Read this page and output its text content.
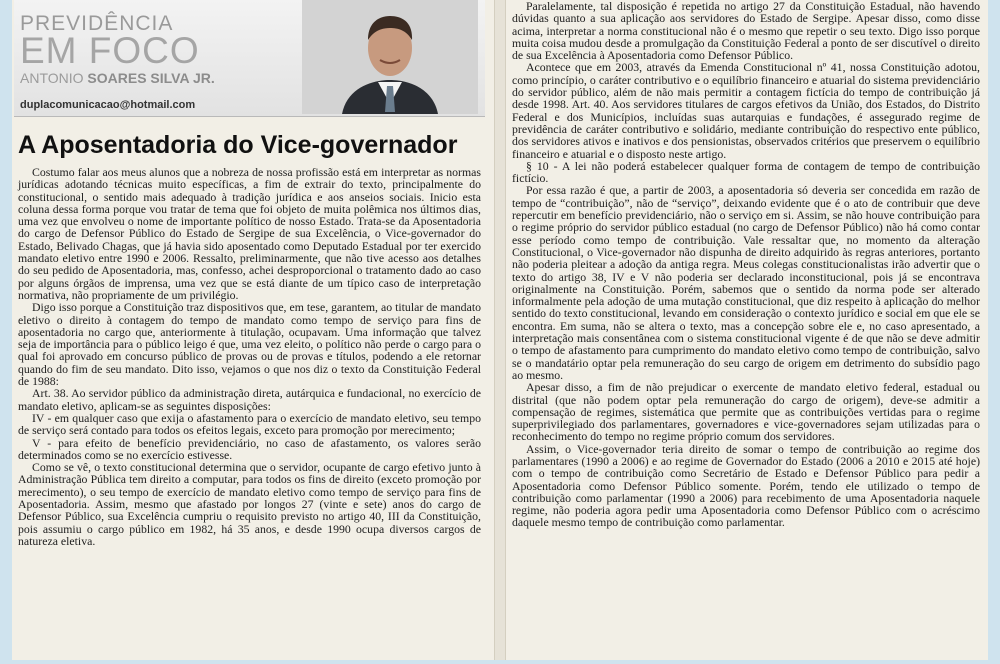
PREVIDÊNCIA
EM FOCO
ANTONIO SOARES SILVA JR.
duplacomunicacao@hotmail.com
A Aposentadoria do Vice-governador

Costumo falar aos meus alunos que a nobreza de nossa profissão está em interpretar as normas jurídicas adotando técnicas muito específicas, a fim de extrair do texto, principalmente do constitucional, o sentido mais adequado à tradição jurídica e aos anseios sociais. Inicio esta coluna dessa forma porque vou tratar de tema que foi objeto de muita polêmica nos últimos dias, uma vez que envolveu o nome de importante político de nosso Estado. Trata-se da Aposentadoria do cargo de Defensor Público do Estado de Sergipe de sua Excelência, o Vice-governador do Estado, Belivado Chagas, que já havia sido aposentado como Deputado Estadual por ter exercido mandato eletivo entre 1990 e 2006. Ressalto, preliminarmente, que não tive acesso aos detalhes do seu pedido de Aposentadoria, mas, confesso, achei desproporcional o tratamento dado ao caso por alguns órgãos de imprensa, uma vez que se está diante de um típico caso de interpretação normativa, não propriamente de um privilégio.

Digo isso porque a Constituição traz dispositivos que, em tese, garantem, ao titular de mandato eletivo o direito à contagem do tempo de mandato como tempo de serviço para fins de aposentadoria no cargo que, anteriormente à titulação, ocupavam. Uma informação que talvez seja de importância para o público leigo é que, uma vez eleito, o político não perde o cargo para o qual foi aprovado em concurso público de provas ou de provas e títulos, podendo a ele retornar quando do fim de seu mandato. Dito isso, vejamos o que nos diz o texto da Constituição Federal de 1988:

Art. 38. Ao servidor público da administração direta, autárquica e fundacional, no exercício de mandato eletivo, aplicam-se as seguintes disposições:

IV - em qualquer caso que exija o afastamento para o exercício de mandato eletivo, seu tempo de serviço será contado para todos os efeitos legais, exceto para promoção por merecimento;

V - para efeito de benefício previdenciário, no caso de afastamento, os valores serão determinados como se no exercício estivesse.

Como se vê, o texto constitucional determina que o servidor, ocupante de cargo efetivo junto à Administração Pública tem direito a computar, para todos os fins de direito (exceto promoção por merecimento), o seu tempo de exercício de mandato eletivo como tempo de serviço para fins de Aposentadoria. Assim, mesmo que afastado por longos 27 (vinte e sete) anos do cargo de Defensor Público, sua Excelência cumpriu o requisito previsto no artigo 40, III da Constituição, pois assumiu o cargo público em 1982, há 35 anos, e desde 1990 ocupa diversos cargos de natureza eletiva.

Paralelamente, tal disposição é repetida no artigo 27 da Constituição Estadual, não havendo dúvidas quanto a sua aplicação aos servidores do Estado de Sergipe. Apesar disso, como disse acima, interpretar a norma constitucional não é o mesmo que repetir o seu texto. Digo isso porque muita coisa mudou desde a promulgação da Constituição Federal a ponto de ser discutível o direito de sua Excelência à Aposentadoria como Defensor Público.

Acontece que em 2003, através da Emenda Constitucional nº 41, nossa Constituição adotou, como princípio, o caráter contributivo e o equilíbrio financeiro e atuarial do sistema previdenciário do servidor público, além de não mais permitir a contagem fictícia do tempo de contribuição já desde 1998. Art. 40. Aos servidores titulares de cargos efetivos da União, dos Estados, do Distrito Federal e dos Municípios, incluídas suas autarquias e fundações, é assegurado regime de previdência de caráter contributivo e solidário, mediante contribuição do respectivo ente público, dos servidores ativos e inativos e dos pensionistas, observados critérios que preservem o equilíbrio financeiro e atuarial e o disposto neste artigo.

§ 10 - A lei não poderá estabelecer qualquer forma de contagem de tempo de contribuição fictício.

Por essa razão é que, a partir de 2003, a aposentadoria só deveria ser concedida em razão de tempo de “contribuição”, não de “serviço”, deixando evidente que é o ato de contribuir que deve repercutir em benefício previdenciário, não o serviço em si. Assim, se não houve contribuição para o regime próprio do servidor público estadual (no cargo de Defensor Público) não há como contar esse período como tempo de contribuição. Vale ressaltar que, no momento da alteração Constitucional, o Vice-governador não dispunha de direito adquirido às regras anteriores, portanto não poderia pleitear a adoção da antiga regra. Meus colegas constitucionalistas irão advertir que o texto do artigo 38, IV e V não poderia ser declarado inconstitucional, pois já se encontrava originalmente na Constituição. Porém, sabemos que o sentido da norma pode ser alterado informalmente pela adoção de uma mutação constitucional, que diz respeito à aplicação do melhor sentido do texto constitucional, levando em consideração o contexto jurídico e social em que ele se encontra. Em suma, não se altera o texto, mas a concepção sobre ele e, no caso apresentado, a interpretação mais consentânea com o sistema constitucional vigente é de que não se deve admitir o tempo de afastamento para cumprimento do mandato eletivo como tempo de contribuição, salvo se o mandatário optar pela remuneração do seu cargo de origem em detrimento do subsídio pago ao mesmo.

Apesar disso, a fim de não prejudicar o exercente de mandato eletivo federal, estadual ou distrital (que não podem optar pela remuneração do cargo de origem), deve-se admitir a compensação de regimes, sistemática que permite que as contribuições vertidas para o regime superprivilegiado dos parlamentares, governadores e vice-governadores sejam utilizadas para o reconhecimento do tempo no regime próprio comum dos servidores.

Assim, o Vice-governador teria direito de somar o tempo de contribuição ao regime dos parlamentares (1990 a 2006) e ao regime de Governador do Estado (2006 a 2010 e 2015 até hoje) com o tempo de contribuição como Secretário de Estado e Defensor Público para pedir a Aposentadoria como Defensor Público somente. Porém, tendo ele utilizado o tempo de contribuição como parlamentar (1990 a 2006) para recebimento de uma Aposentadoria naquele regime, não poderia agora pedir uma Aposentadoria como Defensor Público com o acréscimo daquele mesmo tempo de contribuição como parlamentar.
